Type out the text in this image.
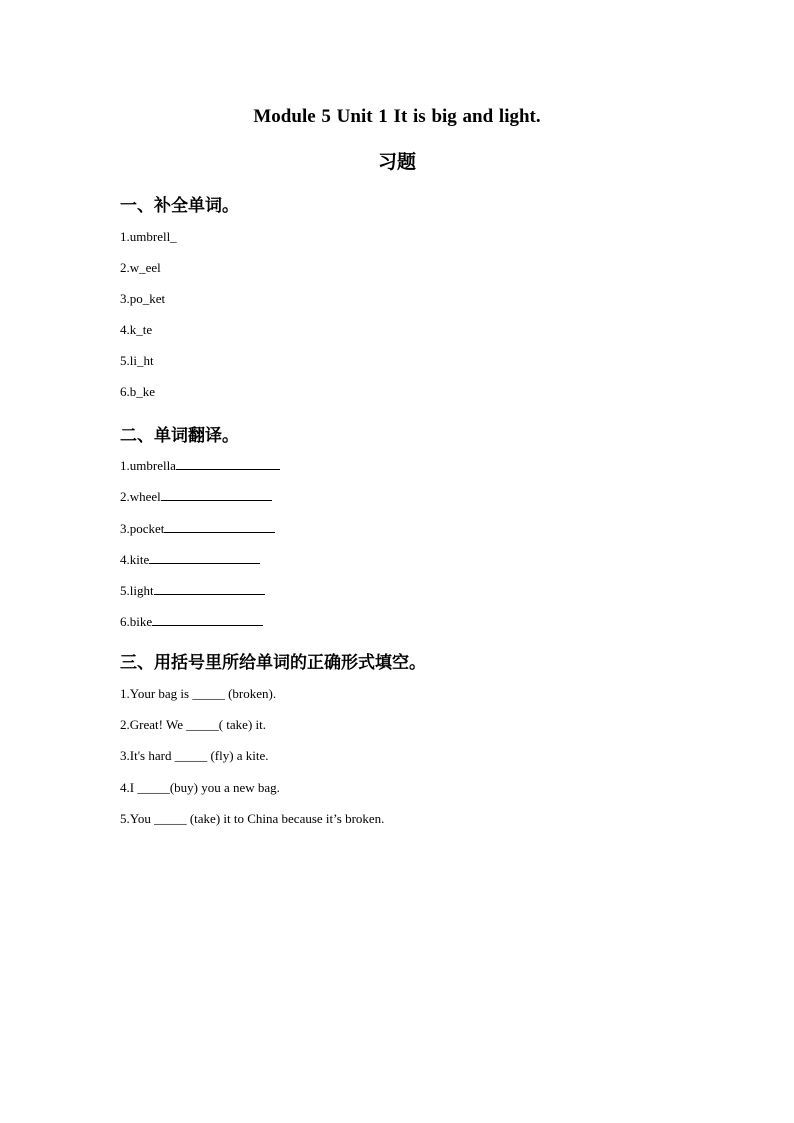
Module 5 Unit 1 It is big and light.
习题
一、补全单词。
1.umbrell_
2.w_eel
3.po_ket
4.k_te
5.li_ht
6.b_ke
二、单词翻译。
1.umbrella
2.wheel
3.pocket
4.kite
5.light
6.bike
三、用括号里所给单词的正确形式填空。
1.Your bag is _____ (broken).
2.Great! We _____( take) it.
3.It's hard _____ (fly) a kite.
4.I _____(buy) you a new bag.
5.You _____ (take) it to China because it’s broken.
